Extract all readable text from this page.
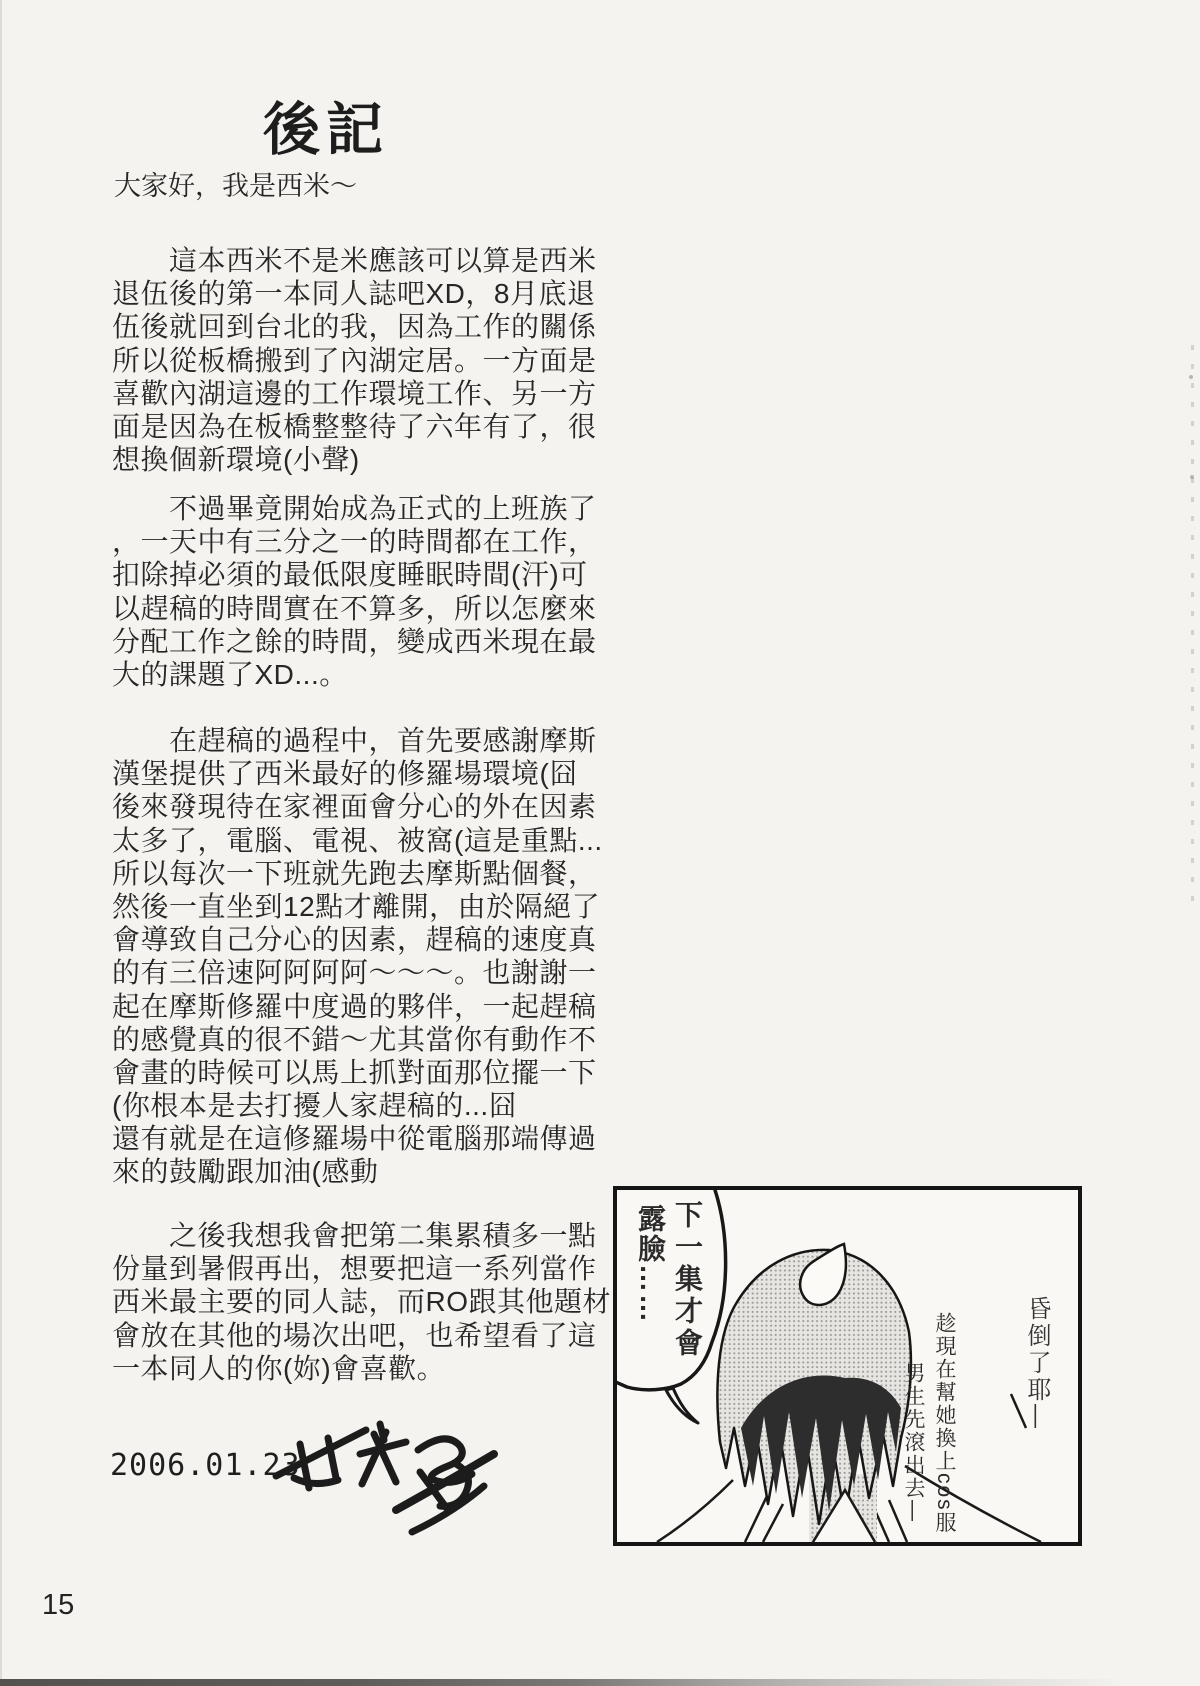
後記
大家好，我是西米～
　　這本西米不是米應該可以算是西米
退伍後的第一本同人誌吧XD，8月底退
伍後就回到台北的我，因為工作的關係
所以從板橋搬到了內湖定居。一方面是
喜歡內湖這邊的工作環境工作、另一方
面是因為在板橋整整待了六年有了，很
想換個新環境(小聲)
　　不過畢竟開始成為正式的上班族了
，一天中有三分之一的時間都在工作，
扣除掉必須的最低限度睡眠時間(汗)可
以趕稿的時間實在不算多，所以怎麼來
分配工作之餘的時間，變成西米現在最
大的課題了XD...。
　　在趕稿的過程中，首先要感謝摩斯
漢堡提供了西米最好的修羅場環境(囧
後來發現待在家裡面會分心的外在因素
太多了，電腦、電視、被窩(這是重點...
所以每次一下班就先跑去摩斯點個餐，
然後一直坐到12點才離開，由於隔絕了
會導致自己分心的因素，趕稿的速度真
的有三倍速阿阿阿阿～～～。也謝謝一
起在摩斯修羅中度過的夥伴，一起趕稿
的感覺真的很不錯～尤其當你有動作不
會畫的時候可以馬上抓對面那位擺一下
(你根本是去打擾人家趕稿的...囧
還有就是在這修羅場中從電腦那端傳過
來的鼓勵跟加油(感動
　　之後我想我會把第二集累積多一點
份量到暑假再出，想要把這一系列當作
西米最主要的同人誌，而RO跟其他題材
會放在其他的場次出吧，也希望看了這
一本同人的你(妳)會喜歡。
2006.01.23
15
下一集才會
露臉……
昏倒了耶—
趁現在幫她換上cos服
男生先滾出去—
